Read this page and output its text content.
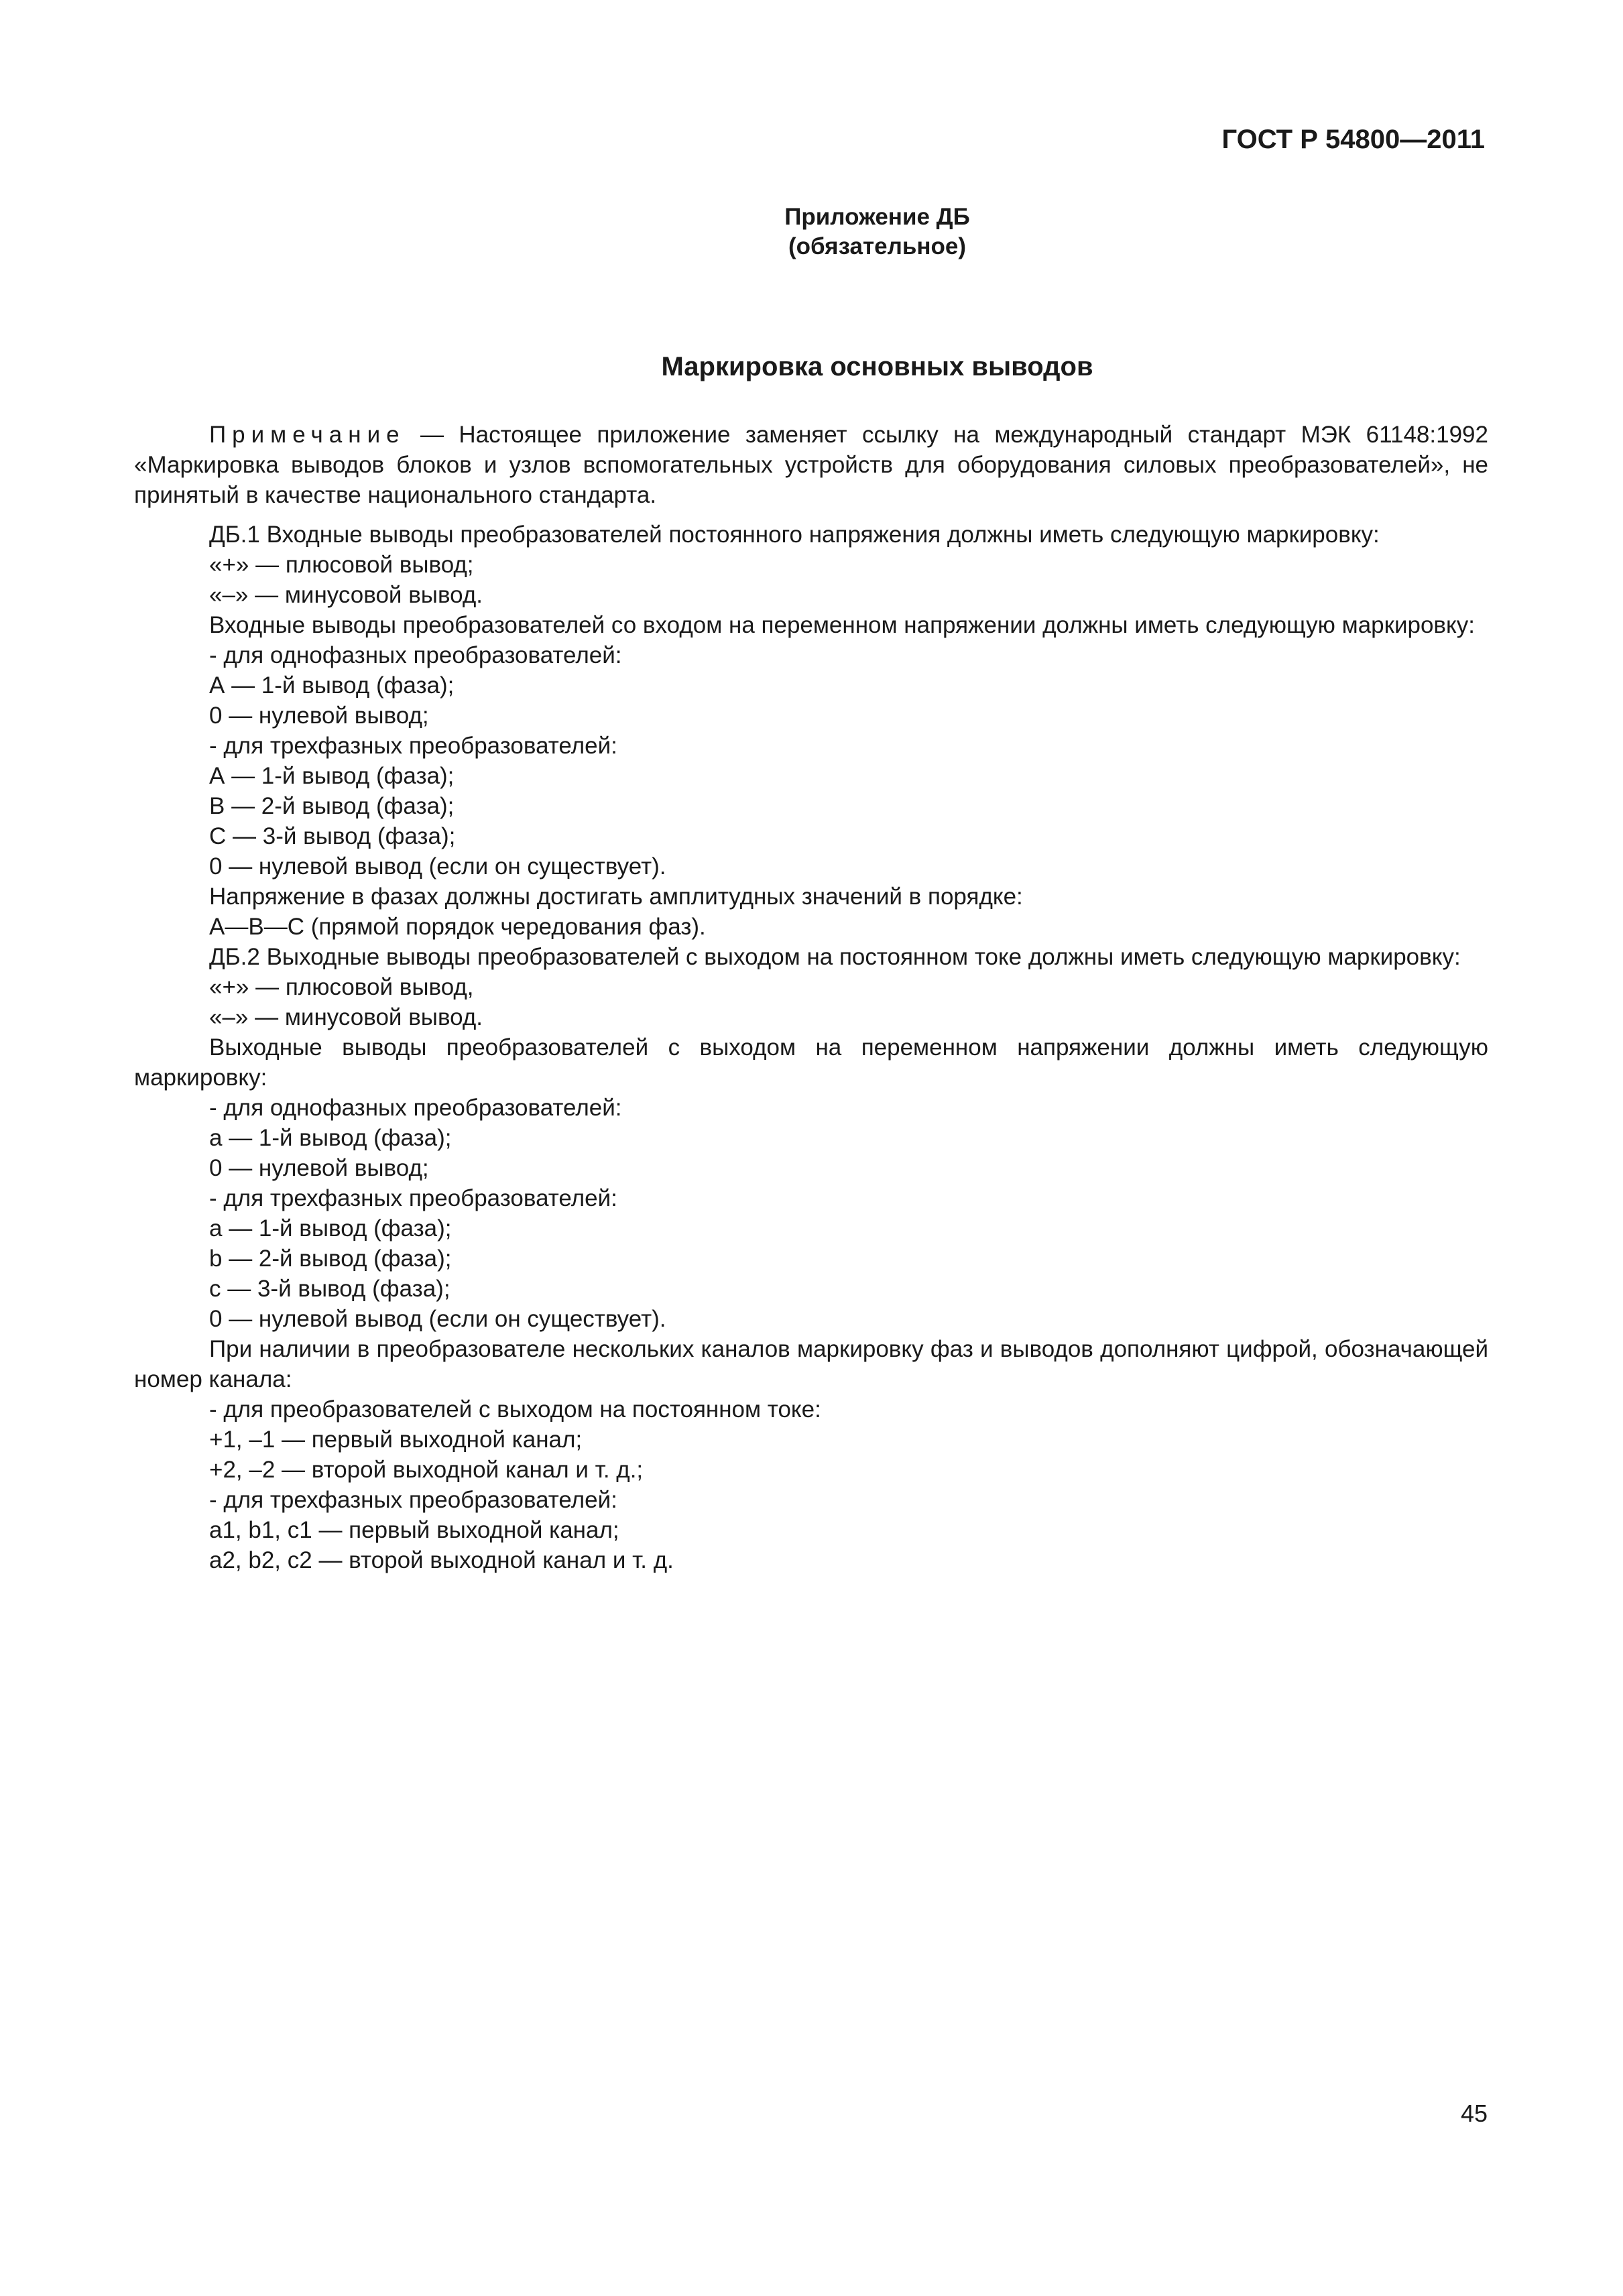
ГОСТ Р 54800—2011
Приложение ДБ
(обязательное)
Маркировка основных выводов

Примечание — Настоящее приложение заменяет ссылку на международный стандарт МЭК 61148:1992 «Маркировка выводов блоков и узлов вспомогательных устройств для оборудования силовых преобразователей», не принятый в качестве национального стандарта.

ДБ.1 Входные выводы преобразователей постоянного напряжения должны иметь следующую маркировку:

«+» — плюсовой вывод;

«–» — минусовой вывод.

Входные выводы преобразователей со входом на переменном напряжении должны иметь следующую маркировку:

- для однофазных преобразователей:

А — 1-й вывод (фаза);

0 — нулевой вывод;

- для трехфазных преобразователей:

А — 1-й вывод (фаза);

В — 2-й вывод (фаза);

С — 3-й вывод (фаза);

0 — нулевой вывод (если он существует).

Напряжение в фазах должны достигать амплитудных значений в порядке:

А—В—С (прямой порядок чередования фаз).

ДБ.2 Выходные выводы преобразователей с выходом на постоянном токе должны иметь следующую маркировку:

«+» — плюсовой вывод,

«–» — минусовой вывод.

Выходные выводы преобразователей с выходом на переменном напряжении должны иметь следующую маркировку:

- для однофазных преобразователей:

а — 1-й вывод (фаза);

0 — нулевой вывод;

- для трехфазных преобразователей:

а — 1-й вывод (фаза);

b — 2-й вывод (фаза);

с — 3-й вывод (фаза);

0 — нулевой вывод (если он существует).

При наличии в преобразователе нескольких каналов маркировку фаз и выводов дополняют цифрой, обозначающей номер канала:

- для преобразователей с выходом на постоянном токе:

+1, –1 — первый выходной канал;

+2, –2 — второй выходной канал и т. д.;

- для трехфазных преобразователей:

a1, b1, c1 — первый выходной канал;

a2, b2, c2 — второй выходной канал и т. д.

45
